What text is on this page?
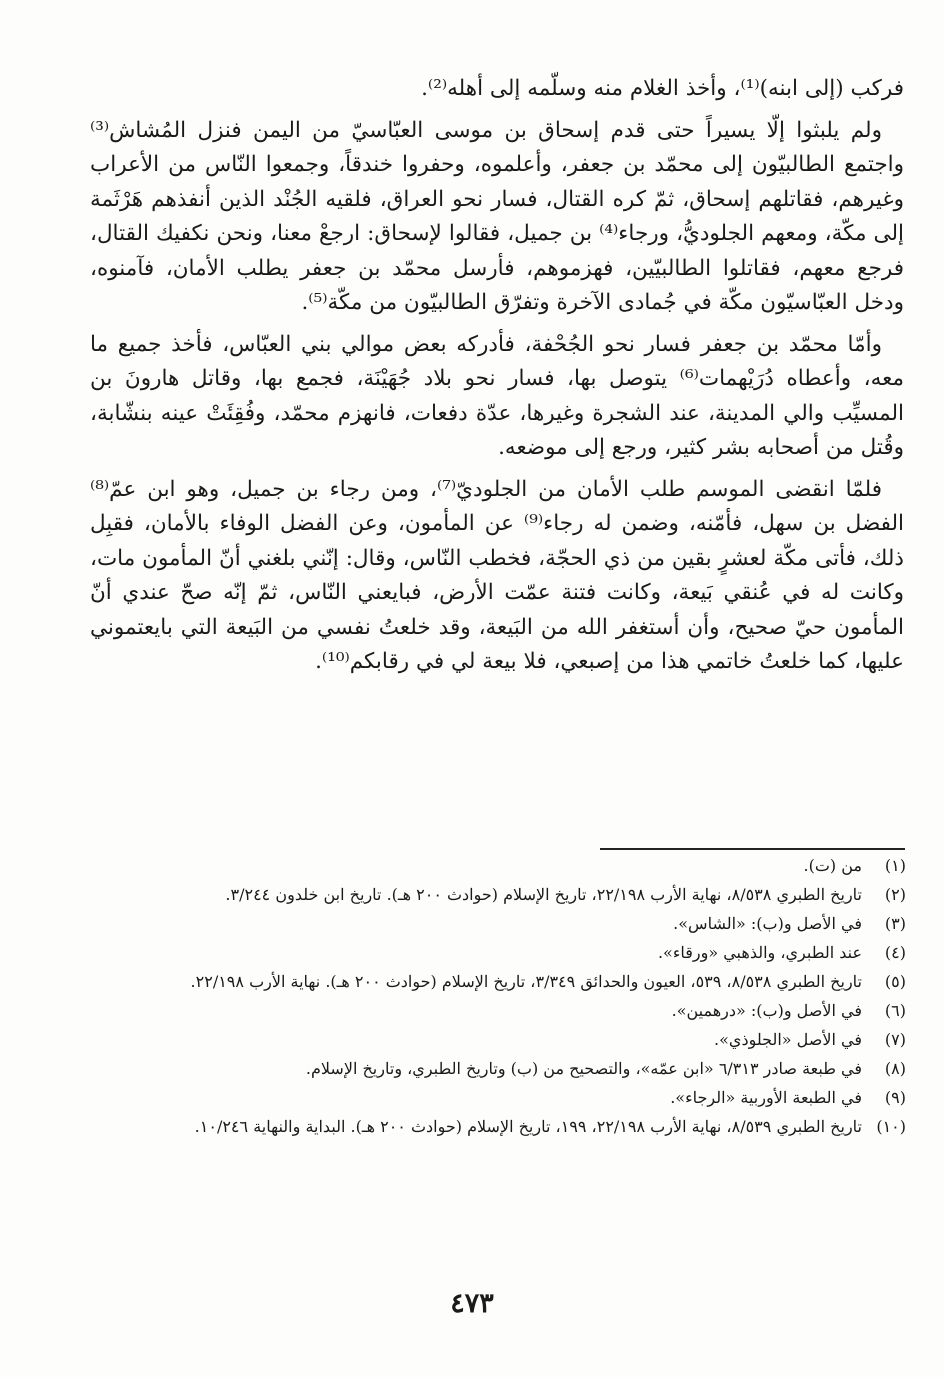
فركب (إلى ابنه)⁽¹⁾، وأخذ الغلام منه وسلّمه إلى أهله⁽²⁾.

ولم يلبثوا إلّا يسيراً حتى قدم إسحاق بن موسى العبّاسيّ من اليمن فنزل المُشاش⁽³⁾ واجتمع الطالبيّون إلى محمّد بن جعفر، وأعلموه، وحفروا خندقاً، وجمعوا النّاس من الأعراب وغيرهم، فقاتلهم إسحاق، ثمّ كره القتال، فسار نحو العراق، فلقيه الجُنْد الذين أنفذهم هَرْثَمة إلى مكّة، ومعهم الجلوديُّ، ورجاء⁽⁴⁾ بن جميل، فقالوا لإسحاق: ارجعْ معنا، ونحن نكفيك القتال، فرجع معهم، فقاتلوا الطالبيّين، فهزموهم، فأرسل محمّد بن جعفر يطلب الأمان، فآمنوه، ودخل العبّاسيّون مكّة في جُمادى الآخرة وتفرّق الطالبيّون من مكّة⁽⁵⁾.

وأمّا محمّد بن جعفر فسار نحو الجُحْفة، فأدركه بعض موالي بني العبّاس، فأخذ جميع ما معه، وأعطاه دُرَيْهمات⁽⁶⁾ يتوصل بها، فسار نحو بلاد جُهَيْنَة، فجمع بها، وقاتل هارونَ بن المسيِّب والي المدينة، عند الشجرة وغيرها، عدّة دفعات، فانهزم محمّد، وفُقِئَتْ عينه بنشّابة، وقُتل من أصحابه بشر كثير، ورجع إلى موضعه.

فلمّا انقضى الموسم طلب الأمان من الجلوديّ⁽⁷⁾، ومن رجاء بن جميل، وهو ابن عمّ⁽⁸⁾ الفضل بن سهل، فأمّنه، وضمن له رجاء⁽⁹⁾ عن المأمون، وعن الفضل الوفاء بالأمان، فقبِل ذلك، فأتى مكّة لعشرٍ بقين من ذي الحجّة، فخطب النّاس، وقال: إنّني بلغني أنّ المأمون مات، وكانت له في عُنقي بَيعة، وكانت فتنة عمّت الأرض، فبايعني النّاس، ثمّ إنّه صحّ عندي أنّ المأمون حيّ صحيح، وأن أستغفر الله من البَيعة، وقد خلعتُ نفسي من البَيعة التي بايعتموني عليها، كما خلعتُ خاتمي هذا من إصبعي، فلا بيعة لي في رقابكم⁽¹⁰⁾.

(١)
من (ت).
(٢)
تاريخ الطبري ٨/٥٣٨، نهاية الأرب ٢٢/١٩٨، تاريخ الإسلام (حوادث ٢٠٠ هـ). تاريخ ابن خلدون ٣/٢٤٤.
(٣)
في الأصل و(ب): «الشاس».
(٤)
عند الطبري، والذهبي «ورقاء».
(٥)
تاريخ الطبري ٨/٥٣٨، ٥٣٩، العيون والحدائق ٣/٣٤٩، تاريخ الإسلام (حوادث ٢٠٠ هـ). نهاية الأرب ٢٢/١٩٨.
(٦)
في الأصل و(ب): «درهمين».
(٧)
في الأصل «الجلوذي».
(٨)
في طبعة صادر ٦/٣١٣ «ابن عمّه»، والتصحيح من (ب) وتاريخ الطبري، وتاريخ الإسلام.
(٩)
في الطبعة الأوربية «الرجاء».
(١٠)
تاريخ الطبري ٨/٥٣٩، نهاية الأرب ٢٢/١٩٨، ١٩٩، تاريخ الإسلام (حوادث ٢٠٠ هـ). البداية والنهاية ١٠/٢٤٦.
٤٧٣
